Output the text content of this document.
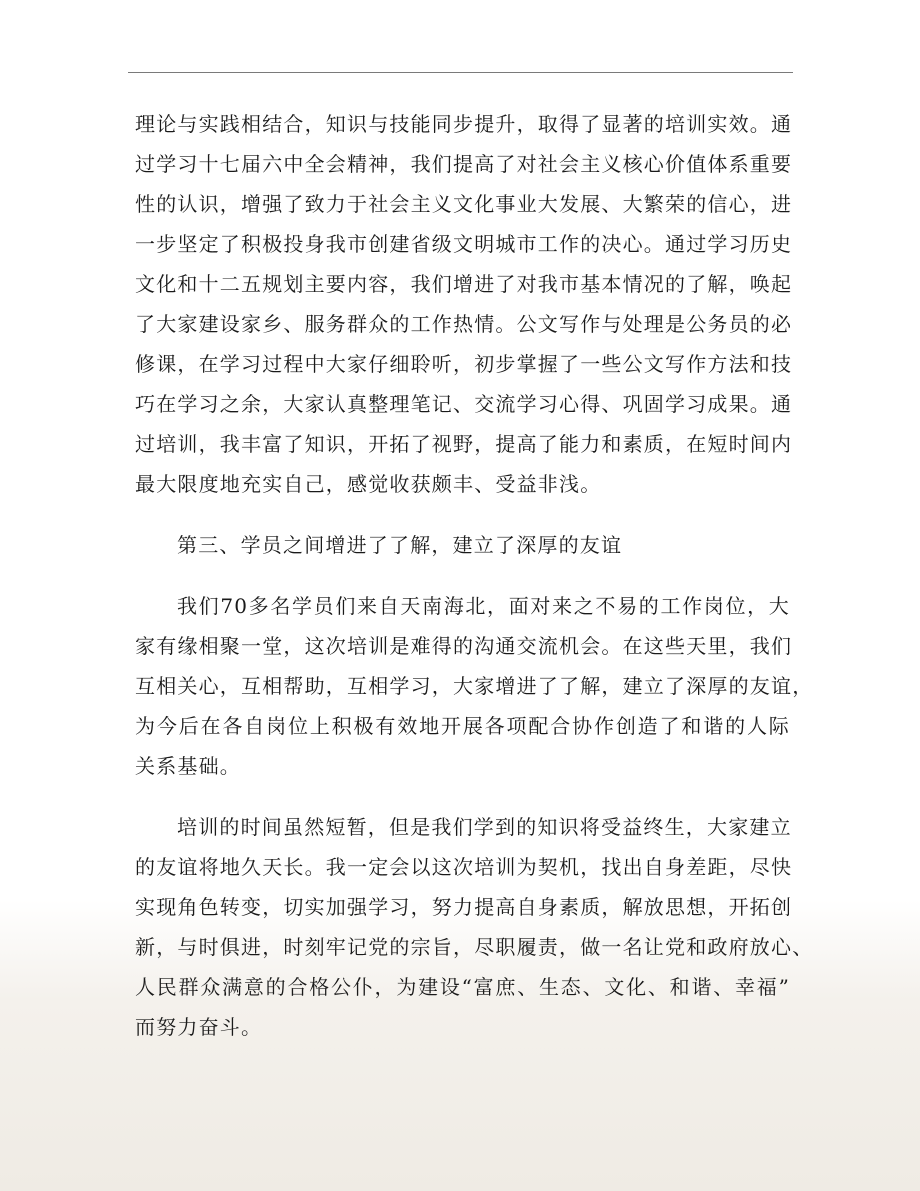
理论与实践相结合，知识与技能同步提升，取得了显著的培训实效。通
过学习十七届六中全会精神，我们提高了对社会主义核心价值体系重要
性的认识，增强了致力于社会主义文化事业大发展、大繁荣的信心，进
一步坚定了积极投身我市创建省级文明城市工作的决心。通过学习历史
文化和十二五规划主要内容，我们增进了对我市基本情况的了解，唤起
了大家建设家乡、服务群众的工作热情。公文写作与处理是公务员的必
修课，在学习过程中大家仔细聆听，初步掌握了一些公文写作方法和技
巧在学习之余，大家认真整理笔记、交流学习心得、巩固学习成果。通
过培训，我丰富了知识，开拓了视野，提高了能力和素质，在短时间内
最大限度地充实自己，感觉收获颇丰、受益非浅。
第三、学员之间增进了了解，建立了深厚的友谊
我们70多名学员们来自天南海北，面对来之不易的工作岗位，大
家有缘相聚一堂，这次培训是难得的沟通交流机会。在这些天里，我们
互相关心，互相帮助，互相学习，大家增进了了解，建立了深厚的友谊，
为今后在各自岗位上积极有效地开展各项配合协作创造了和谐的人际
关系基础。
培训的时间虽然短暂，但是我们学到的知识将受益终生，大家建立
的友谊将地久天长。我一定会以这次培训为契机，找出自身差距，尽快
实现角色转变，切实加强学习，努力提高自身素质，解放思想，开拓创
新，与时俱进，时刻牢记党的宗旨，尽职履责，做一名让党和政府放心、
人民群众满意的合格公仆，为建设“富庶、生态、文化、和谐、幸福”
而努力奋斗。
